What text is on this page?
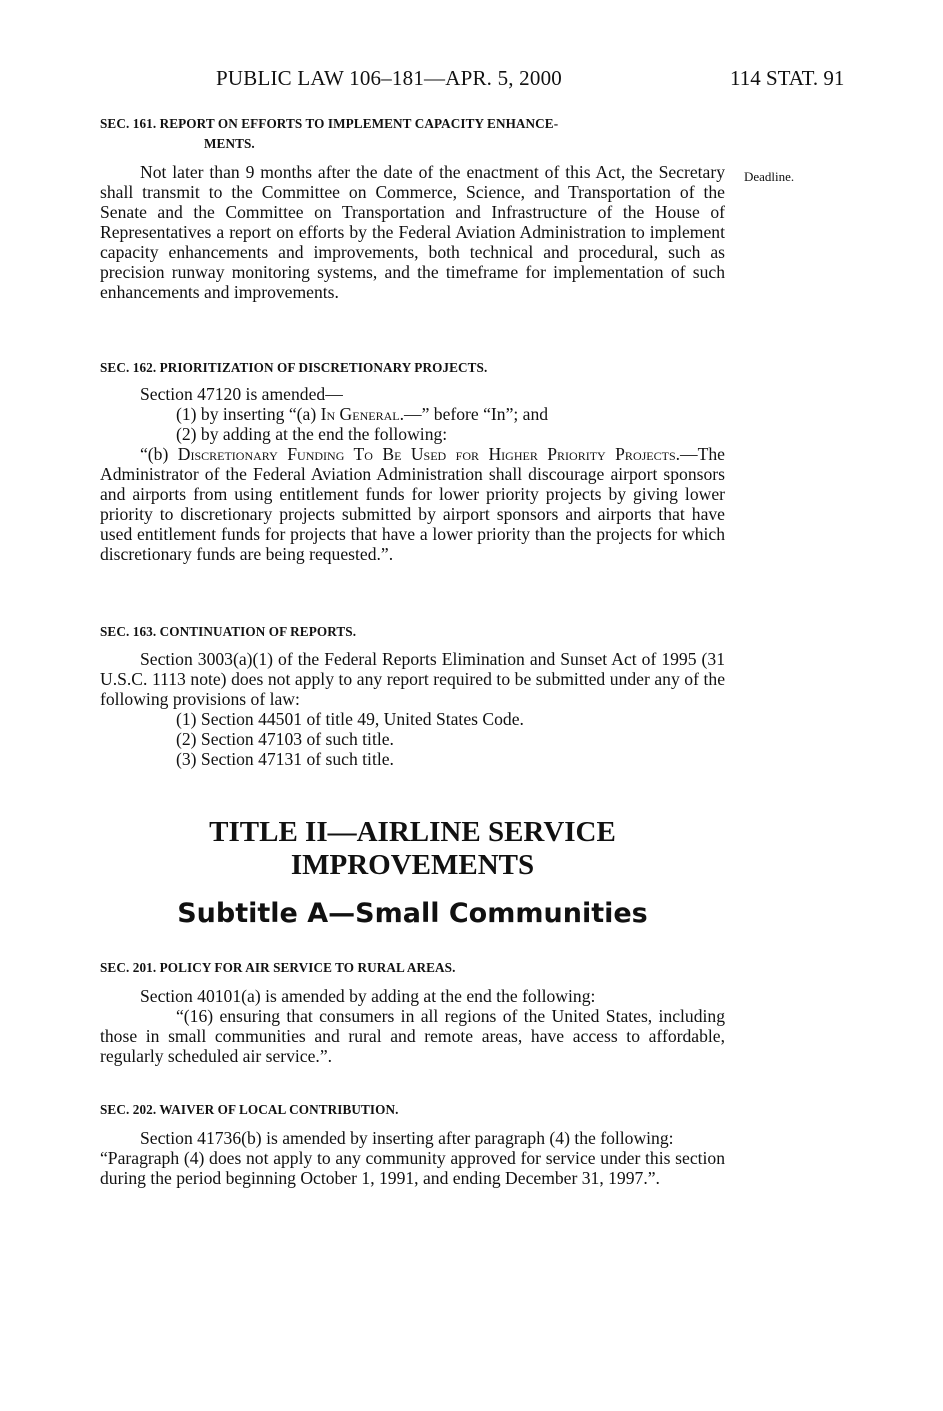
PUBLIC LAW 106–181—APR. 5, 2000	114 STAT. 91
SEC. 161. REPORT ON EFFORTS TO IMPLEMENT CAPACITY ENHANCE-
MENTS.

Not later than 9 months after the date of the enactment of this Act, the Secretary shall transmit to the Committee on Commerce, Science, and Transportation of the Senate and the Committee on Transportation and Infrastructure of the House of Representatives a report on efforts by the Federal Aviation Administration to implement capacity enhancements and improvements, both technical and procedural, such as precision runway monitoring systems, and the timeframe for implementation of such enhancements and improvements.

Deadline.
SEC. 162. PRIORITIZATION OF DISCRETIONARY PROJECTS.

Section 47120 is amended—

(1) by inserting “(a) In General.—” before “In”; and

(2) by adding at the end the following:

“(b) Discretionary Funding To Be Used for Higher Priority Projects.—The Administrator of the Federal Aviation Administration shall discourage airport sponsors and airports from using entitlement funds for lower priority projects by giving lower priority to discretionary projects submitted by airport sponsors and airports that have used entitlement funds for projects that have a lower priority than the projects for which discretionary funds are being requested.”.

SEC. 163. CONTINUATION OF REPORTS.

Section 3003(a)(1) of the Federal Reports Elimination and Sunset Act of 1995 (31 U.S.C. 1113 note) does not apply to any report required to be submitted under any of the following provisions of law:

(1) Section 44501 of title 49, United States Code.

(2) Section 47103 of such title.

(3) Section 47131 of such title.

TITLE II—AIRLINE SERVICE
IMPROVEMENTS
Subtitle A—Small Communities
SEC. 201. POLICY FOR AIR SERVICE TO RURAL AREAS.

Section 40101(a) is amended by adding at the end the following:

“(16) ensuring that consumers in all regions of the United States, including those in small communities and rural and remote areas, have access to affordable, regularly scheduled air service.”.

SEC. 202. WAIVER OF LOCAL CONTRIBUTION.

Section 41736(b) is amended by inserting after paragraph (4) the following:

“Paragraph (4) does not apply to any community approved for service under this section during the period beginning October 1, 1991, and ending December 31, 1997.”.
